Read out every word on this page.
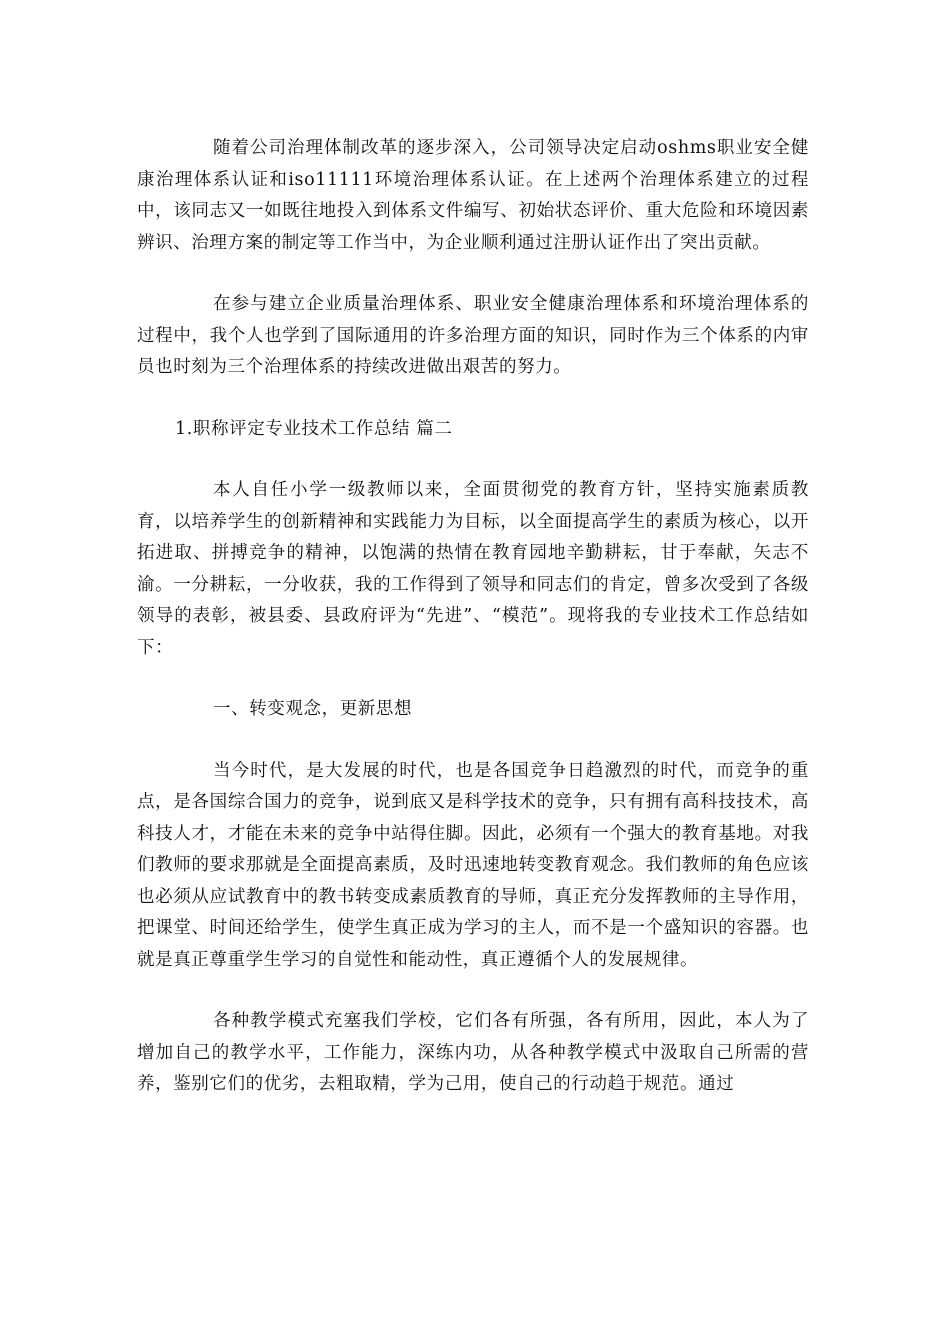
随着公司治理体制改革的逐步深入，公司领导决定启动oshms职业安全健康治理体系认证和iso11111环境治理体系认证。在上述两个治理体系建立的过程中，该同志又一如既往地投入到体系文件编写、初始状态评价、重大危险和环境因素辨识、治理方案的制定等工作当中，为企业顺利通过注册认证作出了突出贡献。

在参与建立企业质量治理体系、职业安全健康治理体系和环境治理体系的过程中，我个人也学到了国际通用的许多治理方面的知识，同时作为三个体系的内审员也时刻为三个治理体系的持续改进做出艰苦的努力。

1.职称评定专业技术工作总结 篇二

本人自任小学一级教师以来，全面贯彻党的教育方针，坚持实施素质教育，以培养学生的创新精神和实践能力为目标，以全面提高学生的素质为核心，以开拓进取、拼搏竞争的精神，以饱满的热情在教育园地辛勤耕耘，甘于奉献，矢志不渝。一分耕耘，一分收获，我的工作得到了领导和同志们的肯定，曾多次受到了各级领导的表彰，被县委、县政府评为“先进”、“模范”。现将我的专业技术工作总结如下：

一、转变观念，更新思想

当今时代，是大发展的时代，也是各国竞争日趋激烈的时代，而竞争的重点，是各国综合国力的竞争，说到底又是科学技术的竞争，只有拥有高科技技术，高科技人才，才能在未来的竞争中站得住脚。因此，必须有一个强大的教育基地。对我们教师的要求那就是全面提高素质，及时迅速地转变教育观念。我们教师的角色应该也必须从应试教育中的教书转变成素质教育的导师，真正充分发挥教师的主导作用，把课堂、时间还给学生，使学生真正成为学习的主人，而不是一个盛知识的容器。也就是真正尊重学生学习的自觉性和能动性，真正遵循个人的发展规律。

各种教学模式充塞我们学校，它们各有所强，各有所用，因此，本人为了增加自己的教学水平，工作能力，深练内功，从各种教学模式中汲取自己所需的营养，鉴别它们的优劣，去粗取精，学为己用，使自己的行动趋于规范。通过
